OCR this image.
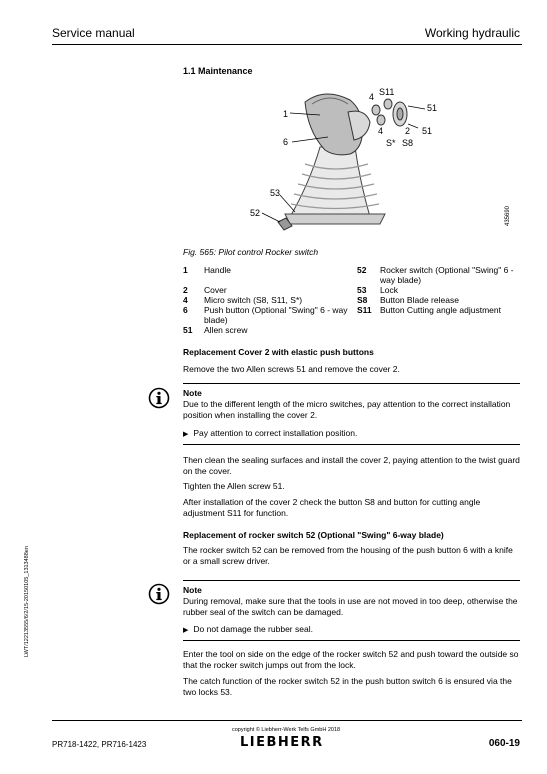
Service manual	Working hydraulic
1.1 Maintenance
1
6
53
52
4 S11
51
4 2 51
S* S8
435690
Fig. 565: Pilot control Rocker switch
1	Handle
2	Cover
4	Micro switch (S8, S11, S*)
6	Push button (Optional "Swing" 6 - way blade)
51	Allen screw
52	Rocker switch (Optional "Swing" 6 - way blade)
53	Lock
S8	Button Blade release
S11	Button Cutting angle adjustment
Replacement Cover 2 with elastic push buttons
Remove the two Allen screws 51 and remove the cover 2.
Note
Due to the different length of the micro switches, pay attention to the correct installation position when installing the cover 2.
▶ Pay attention to correct installation position.
Then clean the sealing surfaces and install the cover 2, paying attention to the twist guard on the cover.
Tighten the Allen screw 51.
After installation of the cover 2 check the button S8 and button for cutting angle adjustment S11 for function.
Replacement of rocker switch 52 (Optional "Swing" 6-way blade)
The rocker switch 52 can be removed from the housing of the push button 6 with a knife or a small screw driver.
Note
During removal, make sure that the tools in use are not moved in too deep, otherwise the rubber seal of the switch can be damaged.
▶ Do not damage the rubber seal.
Enter the tool on side on the edge of the rocker switch 52 and push toward the outside so that the rocker switch jumps out from the lock.
The catch function of the rocker switch 52 in the push button switch 6 is ensured via the two locks 53.
LWT/12213555/6/2/15-20150105_1313488en
copyright © Liebherr-Werk Telfs GmbH 2018
PR718-1422, PR716-1423	LIEBHERR	060-19
